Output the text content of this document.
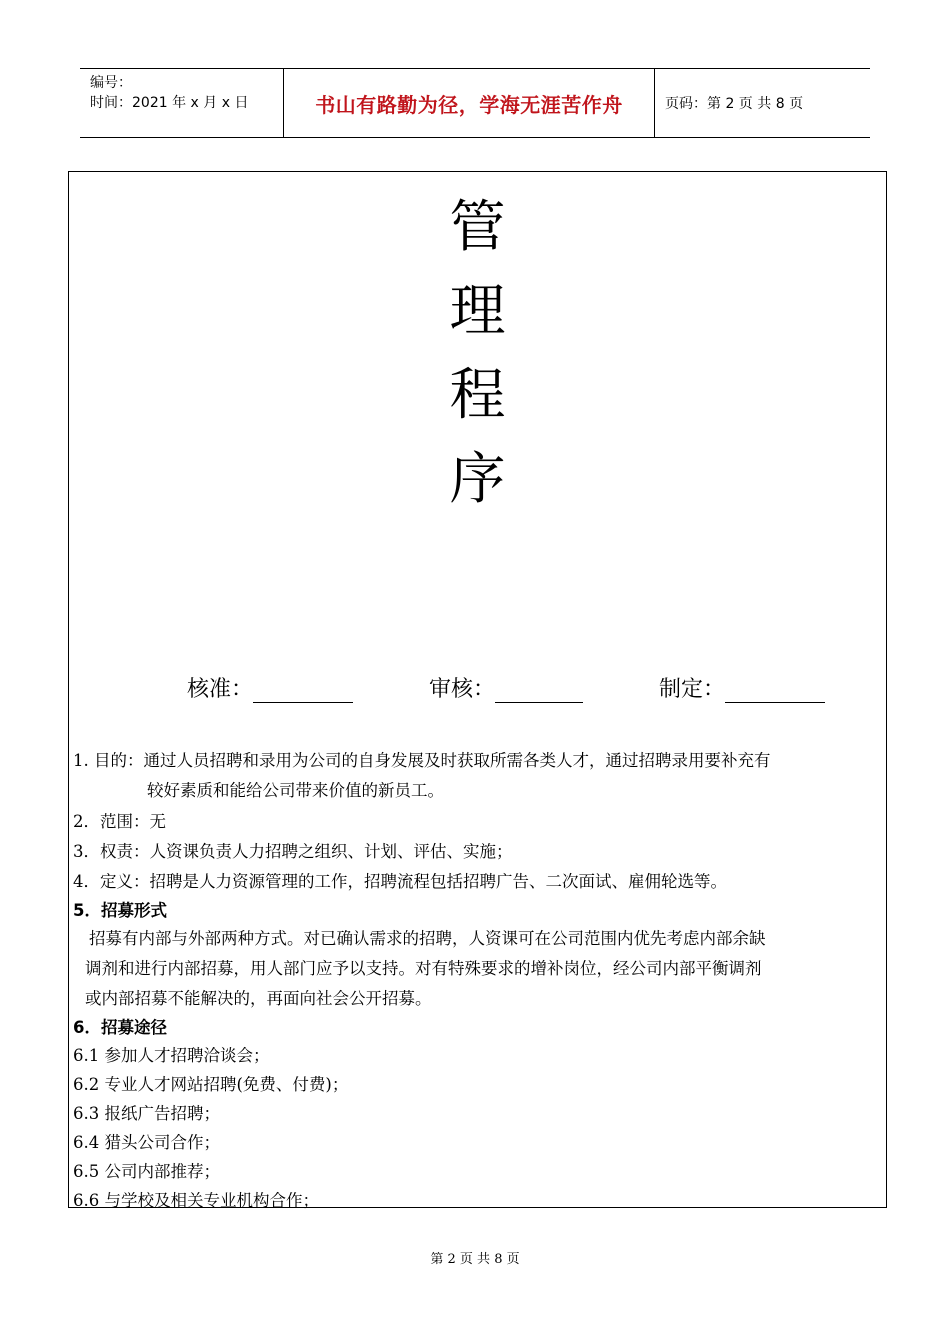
编号：
时间：2021 年 x 月 x 日	书山有路勤为径，学海无涯苦作舟	页码：第 2 页 共 8 页
管
理
程
序
核准：	审核：	制定：
1. 目的：通过人员招聘和录用为公司的自身发展及时获取所需各类人才，通过招聘录用要补充有
较好素质和能给公司带来价值的新员工。
2．范围：无
3．权责：人资课负责人力招聘之组织、计划、评估、实施；
4．定义：招聘是人力资源管理的工作，招聘流程包括招聘广告、二次面试、雇佣轮选等。
5．招募形式
招募有内部与外部两种方式。对已确认需求的招聘，人资课可在公司范围内优先考虑内部余缺
调剂和进行内部招募，用人部门应予以支持。对有特殊要求的增补岗位，经公司内部平衡调剂
或内部招募不能解决的，再面向社会公开招募。
6．招募途径
6.1 参加人才招聘洽谈会；
6.2 专业人才网站招聘(免费、付费)；
6.3 报纸广告招聘；
6.4 猎头公司合作；
6.5 公司内部推荐；
6.6 与学校及相关专业机构合作；
第 2 页 共 8 页
